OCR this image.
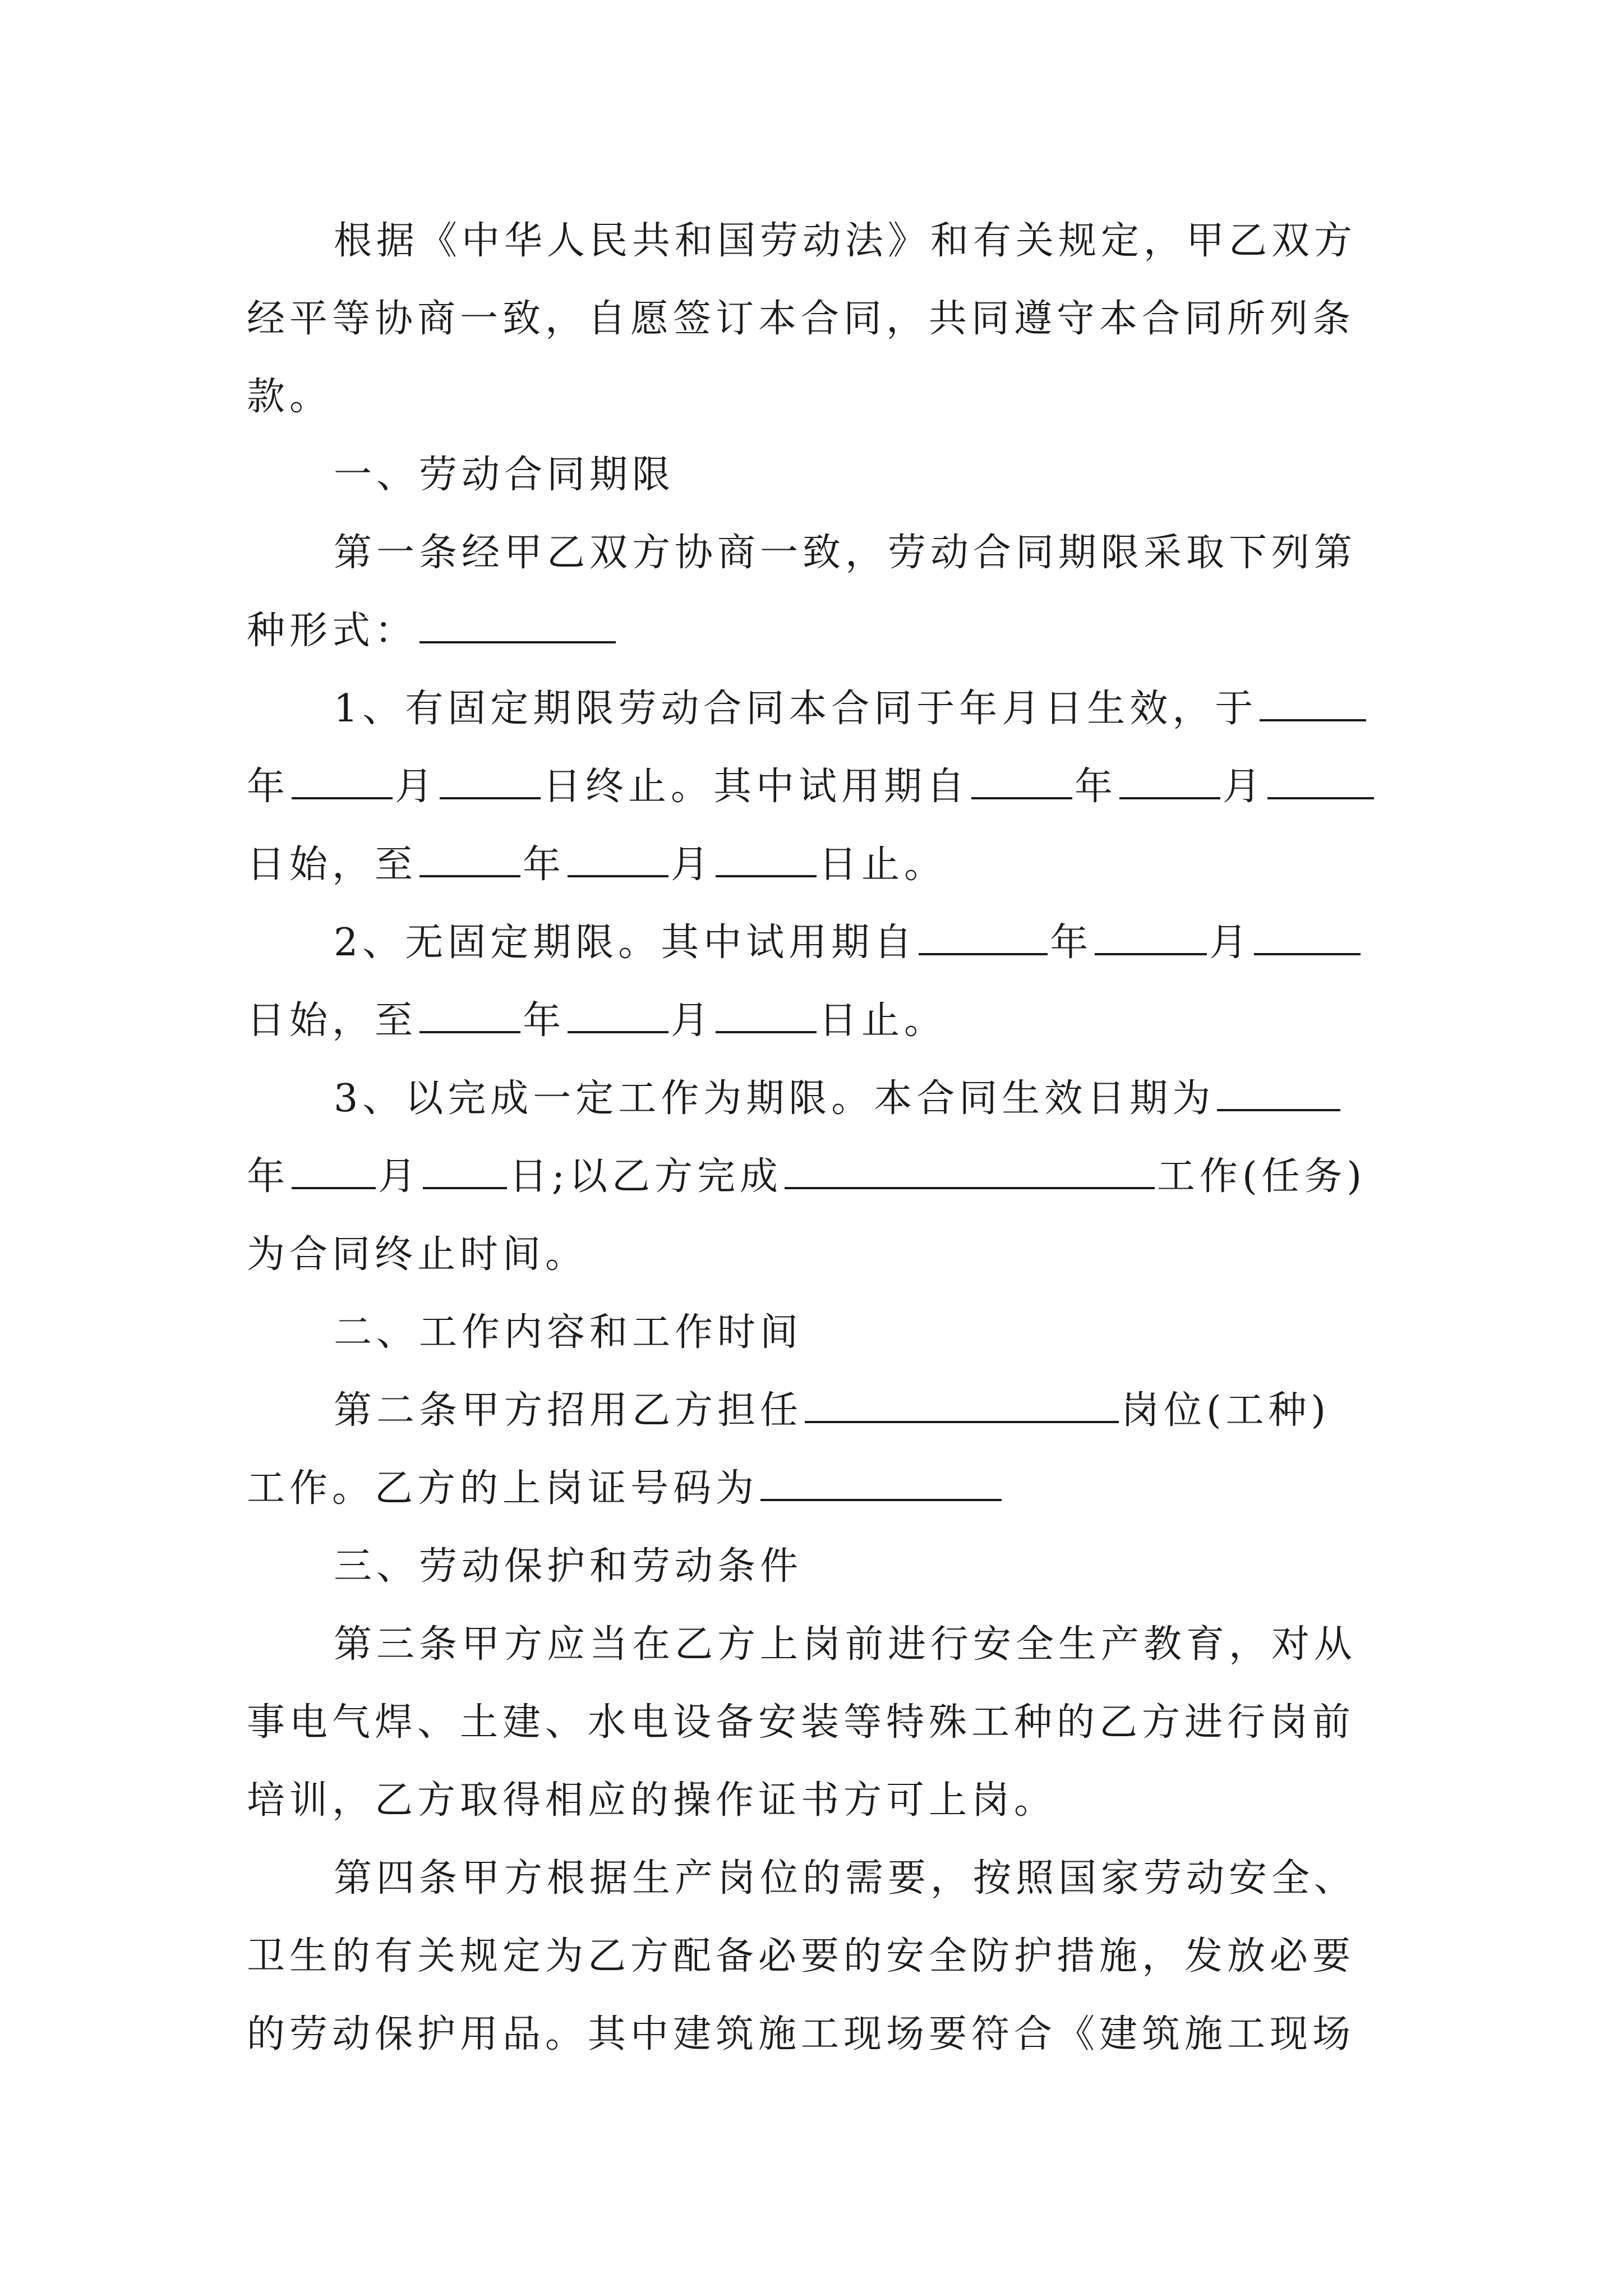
根据《中华人民共和国劳动法》和有关规定，甲乙双方
经平等协商一致，自愿签订本合同，共同遵守本合同所列条
款。
一、劳动合同期限
第一条经甲乙双方协商一致，劳动合同期限采取下列第
种形式：
1、有固定期限劳动合同本合同于年月日生效，于
年	月	日终止。其中试用期自	年	月
日始，至	年	月	日止。
2、无固定期限。其中试用期自	年	月
日始，至	年	月	日止。
3、以完成一定工作为期限。本合同生效日期为
年 月 日;以乙方完成	工作(任务)
为合同终止时间。
二、工作内容和工作时间
第二条甲方招用乙方担任	岗位(工种)
工作。乙方的上岗证号码为
三、劳动保护和劳动条件
第三条甲方应当在乙方上岗前进行安全生产教育，对从
事电气焊、土建、水电设备安装等特殊工种的乙方进行岗前
培训，乙方取得相应的操作证书方可上岗。
第四条甲方根据生产岗位的需要，按照国家劳动安全、
卫生的有关规定为乙方配备必要的安全防护措施，发放必要
的劳动保护用品。其中建筑施工现场要符合《建筑施工现场
